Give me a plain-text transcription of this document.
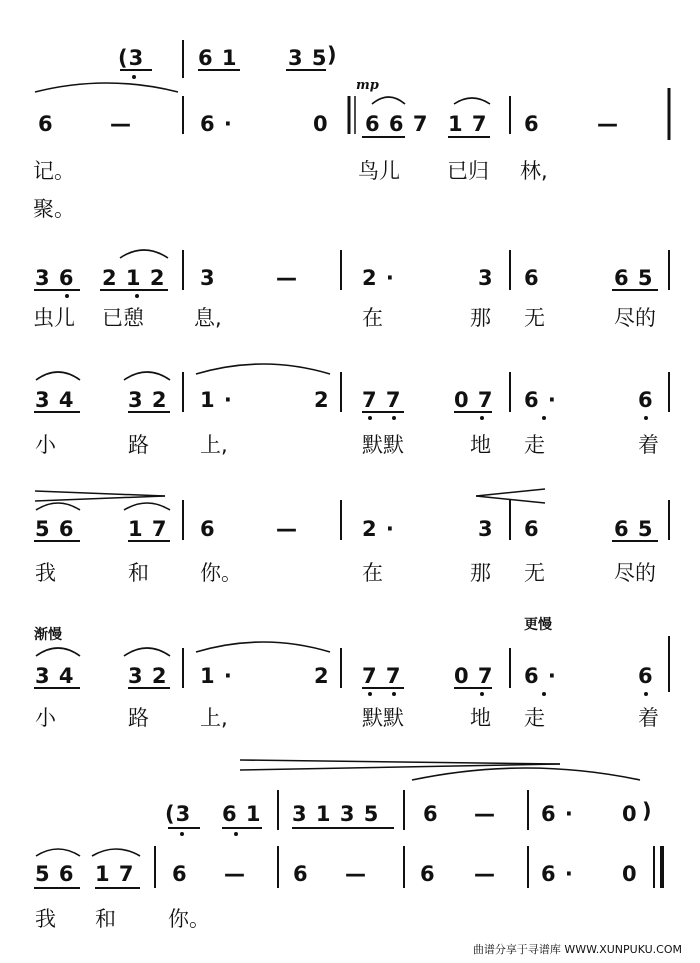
mp
渐慢
更慢
曲谱分享于寻谱库 WWW.XUNPUKU.COM
(3	6 1 3 5 )
6	—	6 ·	0 6 6 7 1 7 6	—
记。	鸟儿 已归 林,
聚。
3 6 2 1 2 3	—	2 ·	3 6	6 5
虫儿 已憩 息,	在	那 无	尽的
3 4	3 2 1 ·	2 7 7 0 7 6 ·	6
小	路 上,	默默	地 走	着
5 6	1 7 6	—	2 ·	3 6	6 5
我	和 你。	在	那 无	尽的
3 4	3 2 1 ·	2 7 7 0 7 6 ·	6
小	路 上,	默默	地 走	着
(3 6 1 3 1 3 5 6 — 6 · 0 )
5 6 1 7 6 — 6 —	6 — 6 · 0
我 和 你。
